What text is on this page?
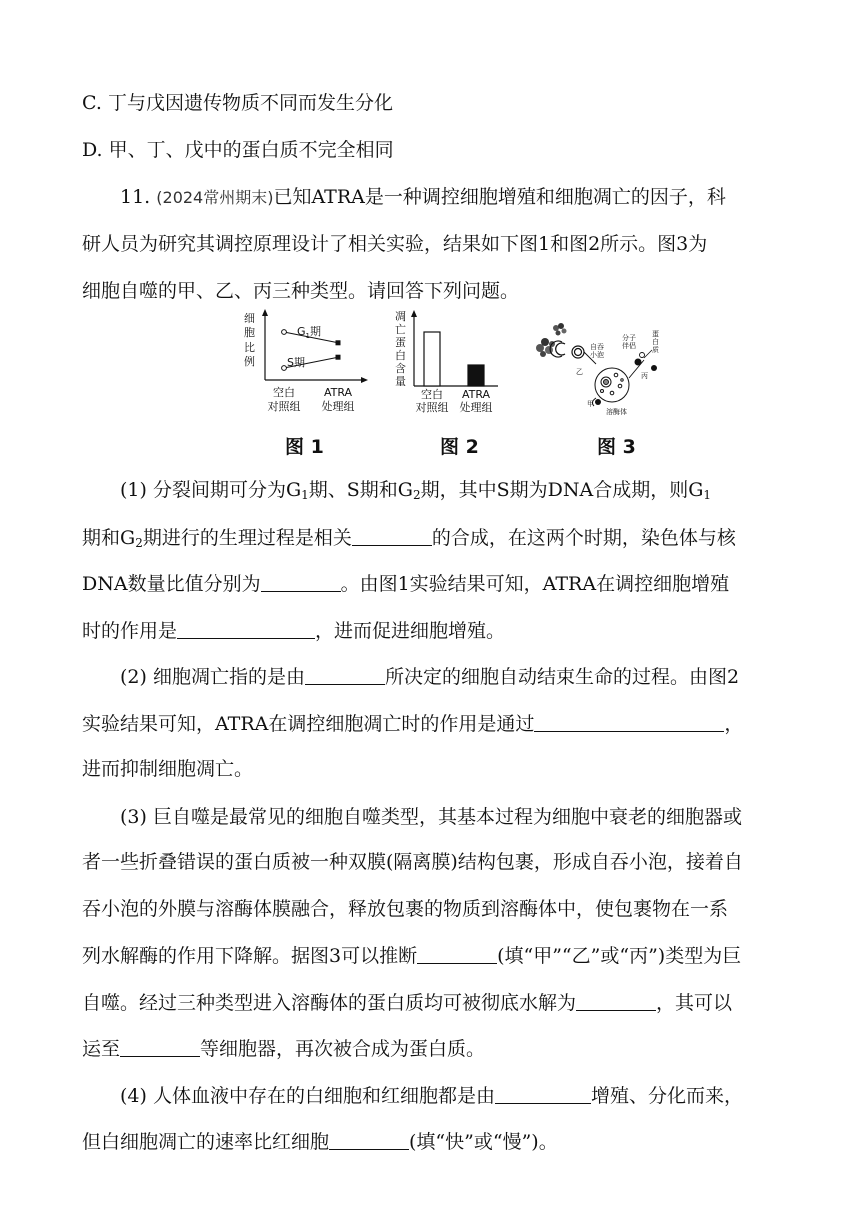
C. 丁与戊因遗传物质不同而发生分化
D. 甲、丁、戊中的蛋白质不完全相同
11. (2024常州期末)已知ATRA是一种调控细胞增殖和细胞凋亡的因子，科
研人员为研究其调控原理设计了相关实验，结果如下图1和图2所示。图3为
细胞自噬的甲、乙、丙三种类型。请回答下列问题。
细
胞
比
例
$G_1$期
S期
空白
对照组
ATRA
处理组
图 1
凋
亡
蛋
白
含
量
空白
对照组
ATRA
处理组
图 2
自吞
小泡
分子
伴侣
蛋
白
质
乙	丙
甲
溶酶体
图 3
(1) 分裂间期可分为$G_1$期、S期和$G_2$期，其中S期为DNA合成期，则$G_1$
期和$G_2$期进行的生理过程是相关	的合成，在这两个时期，染色体与核
DNA数量比值分别为	。由图1实验结果可知，ATRA在调控细胞增殖
时的作用是	，进而促进细胞增殖。
(2) 细胞凋亡指的是由	所决定的细胞自动结束生命的过程。由图2
实验结果可知，ATRA在调控细胞凋亡时的作用是通过	，
进而抑制细胞凋亡。
(3) 巨自噬是最常见的细胞自噬类型，其基本过程为细胞中衰老的细胞器或
者一些折叠错误的蛋白质被一种双膜(隔离膜)结构包裹，形成自吞小泡，接着自
吞小泡的外膜与溶酶体膜融合，释放包裹的物质到溶酶体中，使包裹物在一系
列水解酶的作用下降解。据图3可以推断	(填“甲”“乙”或“丙”)类型为巨
自噬。经过三种类型进入溶酶体的蛋白质均可被彻底水解为	，其可以
运至	等细胞器，再次被合成为蛋白质。
(4) 人体血液中存在的白细胞和红细胞都是由	增殖、分化而来，
但白细胞凋亡的速率比红细胞	(填“快”或“慢”)。
